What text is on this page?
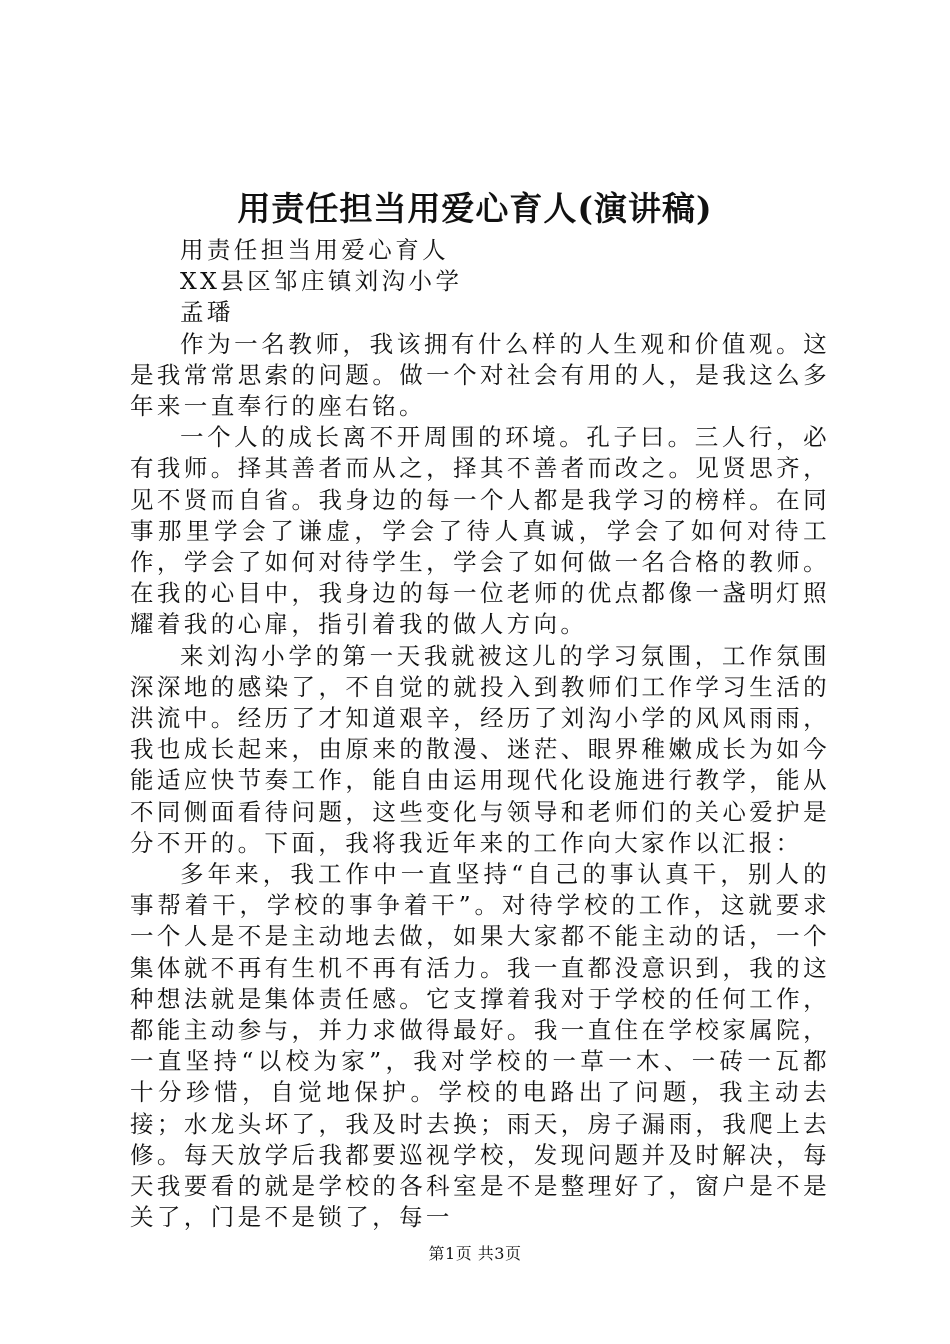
用责任担当用爱心育人(演讲稿)

用责任担当用爱心育人

XX县区邹庄镇刘沟小学

孟璠

作为一名教师，我该拥有什么样的人生观和价值观。这是我常常思索的问题。做一个对社会有用的人，是我这么多年来一直奉行的座右铭。

一个人的成长离不开周围的环境。孔子曰。三人行，必有我师。择其善者而从之，择其不善者而改之。见贤思齐，见不贤而自省。我身边的每一个人都是我学习的榜样。在同事那里学会了谦虚，学会了待人真诚，学会了如何对待工作，学会了如何对待学生，学会了如何做一名合格的教师。在我的心目中，我身边的每一位老师的优点都像一盏明灯照耀着我的心扉，指引着我的做人方向。

来刘沟小学的第一天我就被这儿的学习氛围，工作氛围深深地的感染了，不自觉的就投入到教师们工作学习生活的洪流中。经历了才知道艰辛，经历了刘沟小学的风风雨雨，我也成长起来，由原来的散漫、迷茫、眼界稚嫩成长为如今能适应快节奏工作，能自由运用现代化设施进行教学，能从不同侧面看待问题，这些变化与领导和老师们的关心爱护是分不开的。下面，我将我近年来的工作向大家作以汇报：

多年来，我工作中一直坚持“自己的事认真干，别人的事帮着干，学校的事争着干”。对待学校的工作，这就要求一个人是不是主动地去做，如果大家都不能主动的话，一个集体就不再有生机不再有活力。我一直都没意识到，我的这种想法就是集体责任感。它支撑着我对于学校的任何工作，都能主动参与，并力求做得最好。我一直住在学校家属院，一直坚持“以校为家”，我对学校的一草一木、一砖一瓦都十分珍惜，自觉地保护。学校的电路出了问题，我主动去接；水龙头坏了，我及时去换；雨天，房子漏雨，我爬上去修。每天放学后我都要巡视学校，发现问题并及时解决，每天我要看的就是学校的各科室是不是整理好了，窗户是不是关了，门是不是锁了，每一

第1页 共3页
